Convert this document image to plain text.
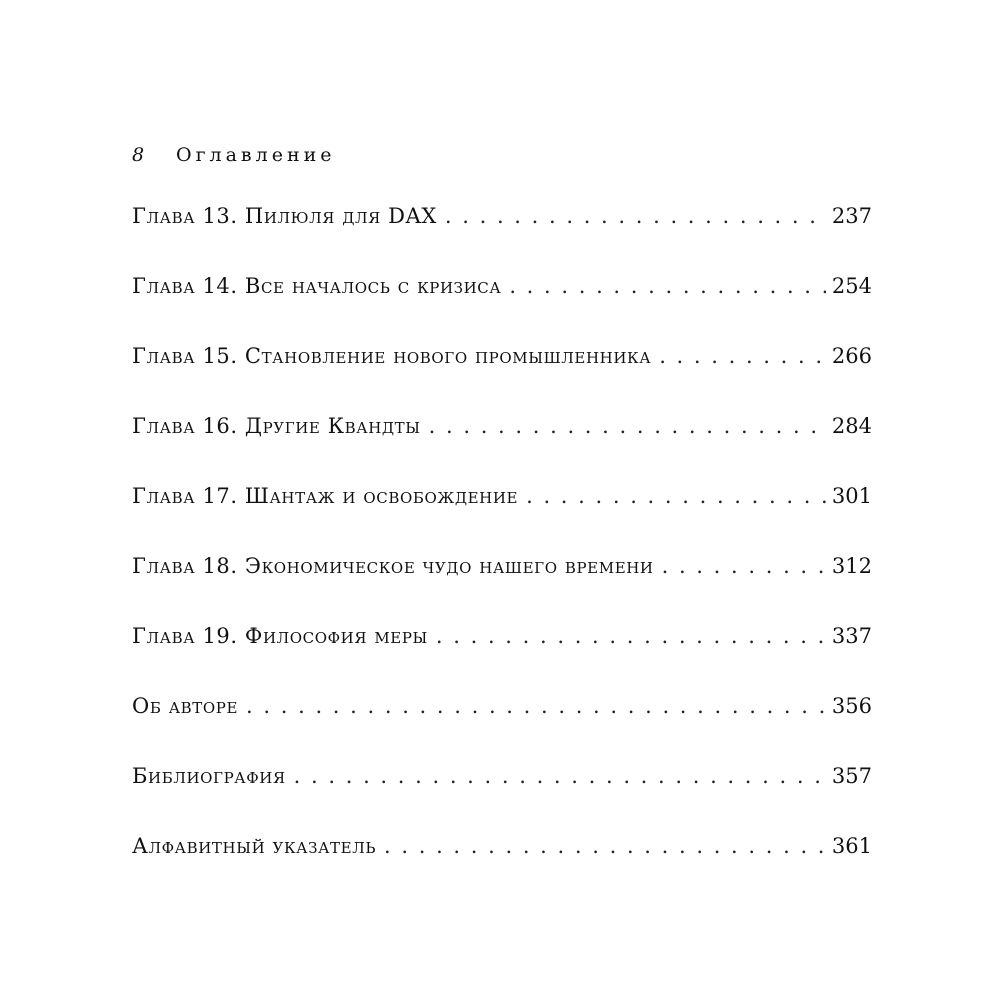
8 Оглавление
Глава 13. Пилюля для DAX . . .	237
Глава 14. Все началось с кризиса . . .	254
Глава 15. Становление нового промышленника . . .	266
Глава 16. Другие Квандты . . .	284
Глава 17. Шантаж и освобождение . . .	301
Глава 18. Экономическое чудо нашего времени . . .	312
Глава 19. Философия меры . . .	337
Об авторе . . .	356
Библиография . . .	357
Алфавитный указатель . . .	361
